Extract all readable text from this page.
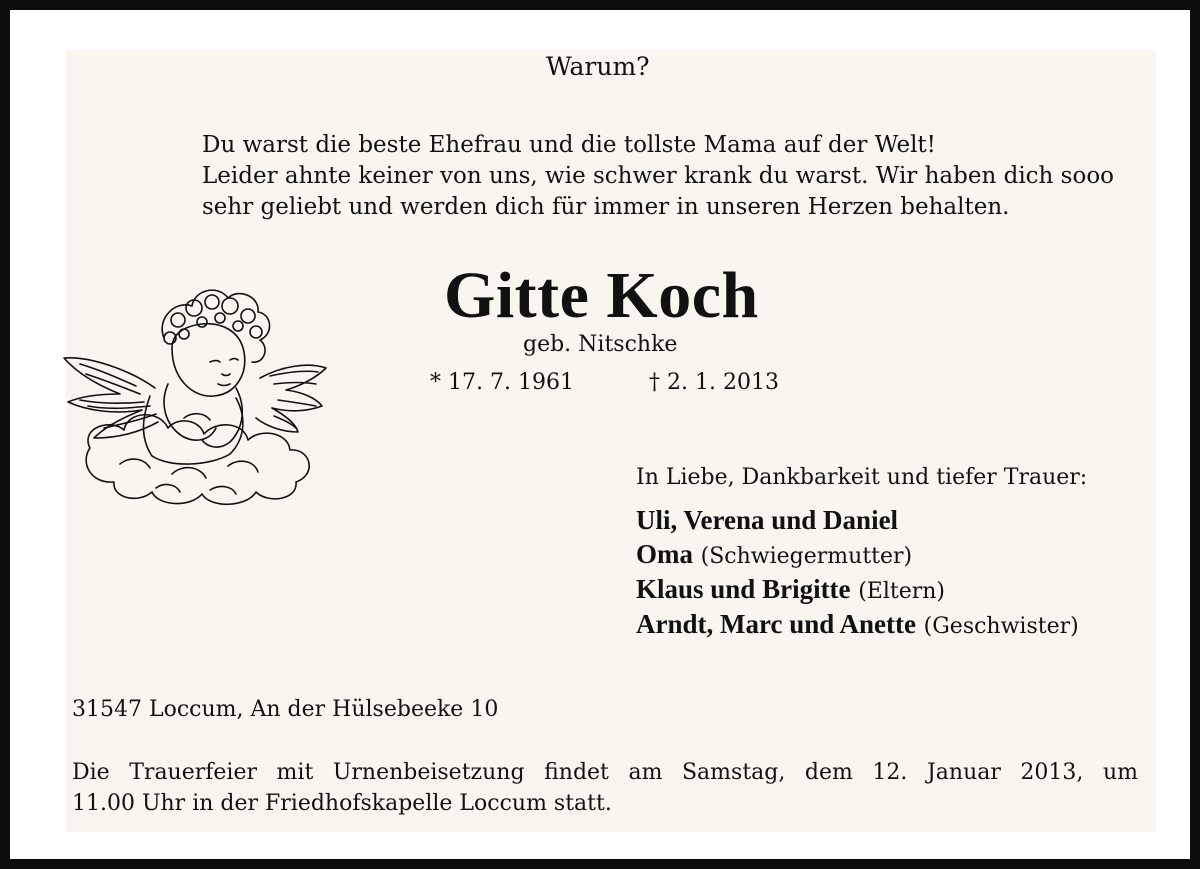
Warum?
Du warst die beste Ehefrau und die tollste Mama auf der Welt!
Leider ahnte keiner von uns, wie schwer krank du warst. Wir haben dich sooo
sehr geliebt und werden dich für immer in unseren Herzen behalten.
Gitte Koch
geb. Nitschke
* 17. 7. 1961	† 2. 1. 2013
In Liebe, Dankbarkeit und tiefer Trauer:
Uli, Verena und Daniel
Oma (Schwiegermutter)
Klaus und Brigitte (Eltern)
Arndt, Marc und Anette (Geschwister)
31547 Loccum, An der Hülsebeeke 10
Die Trauerfeier mit Urnenbeisetzung findet am Samstag, dem 12. Januar 2013, um
11.00 Uhr in der Friedhofskapelle Loccum statt.
